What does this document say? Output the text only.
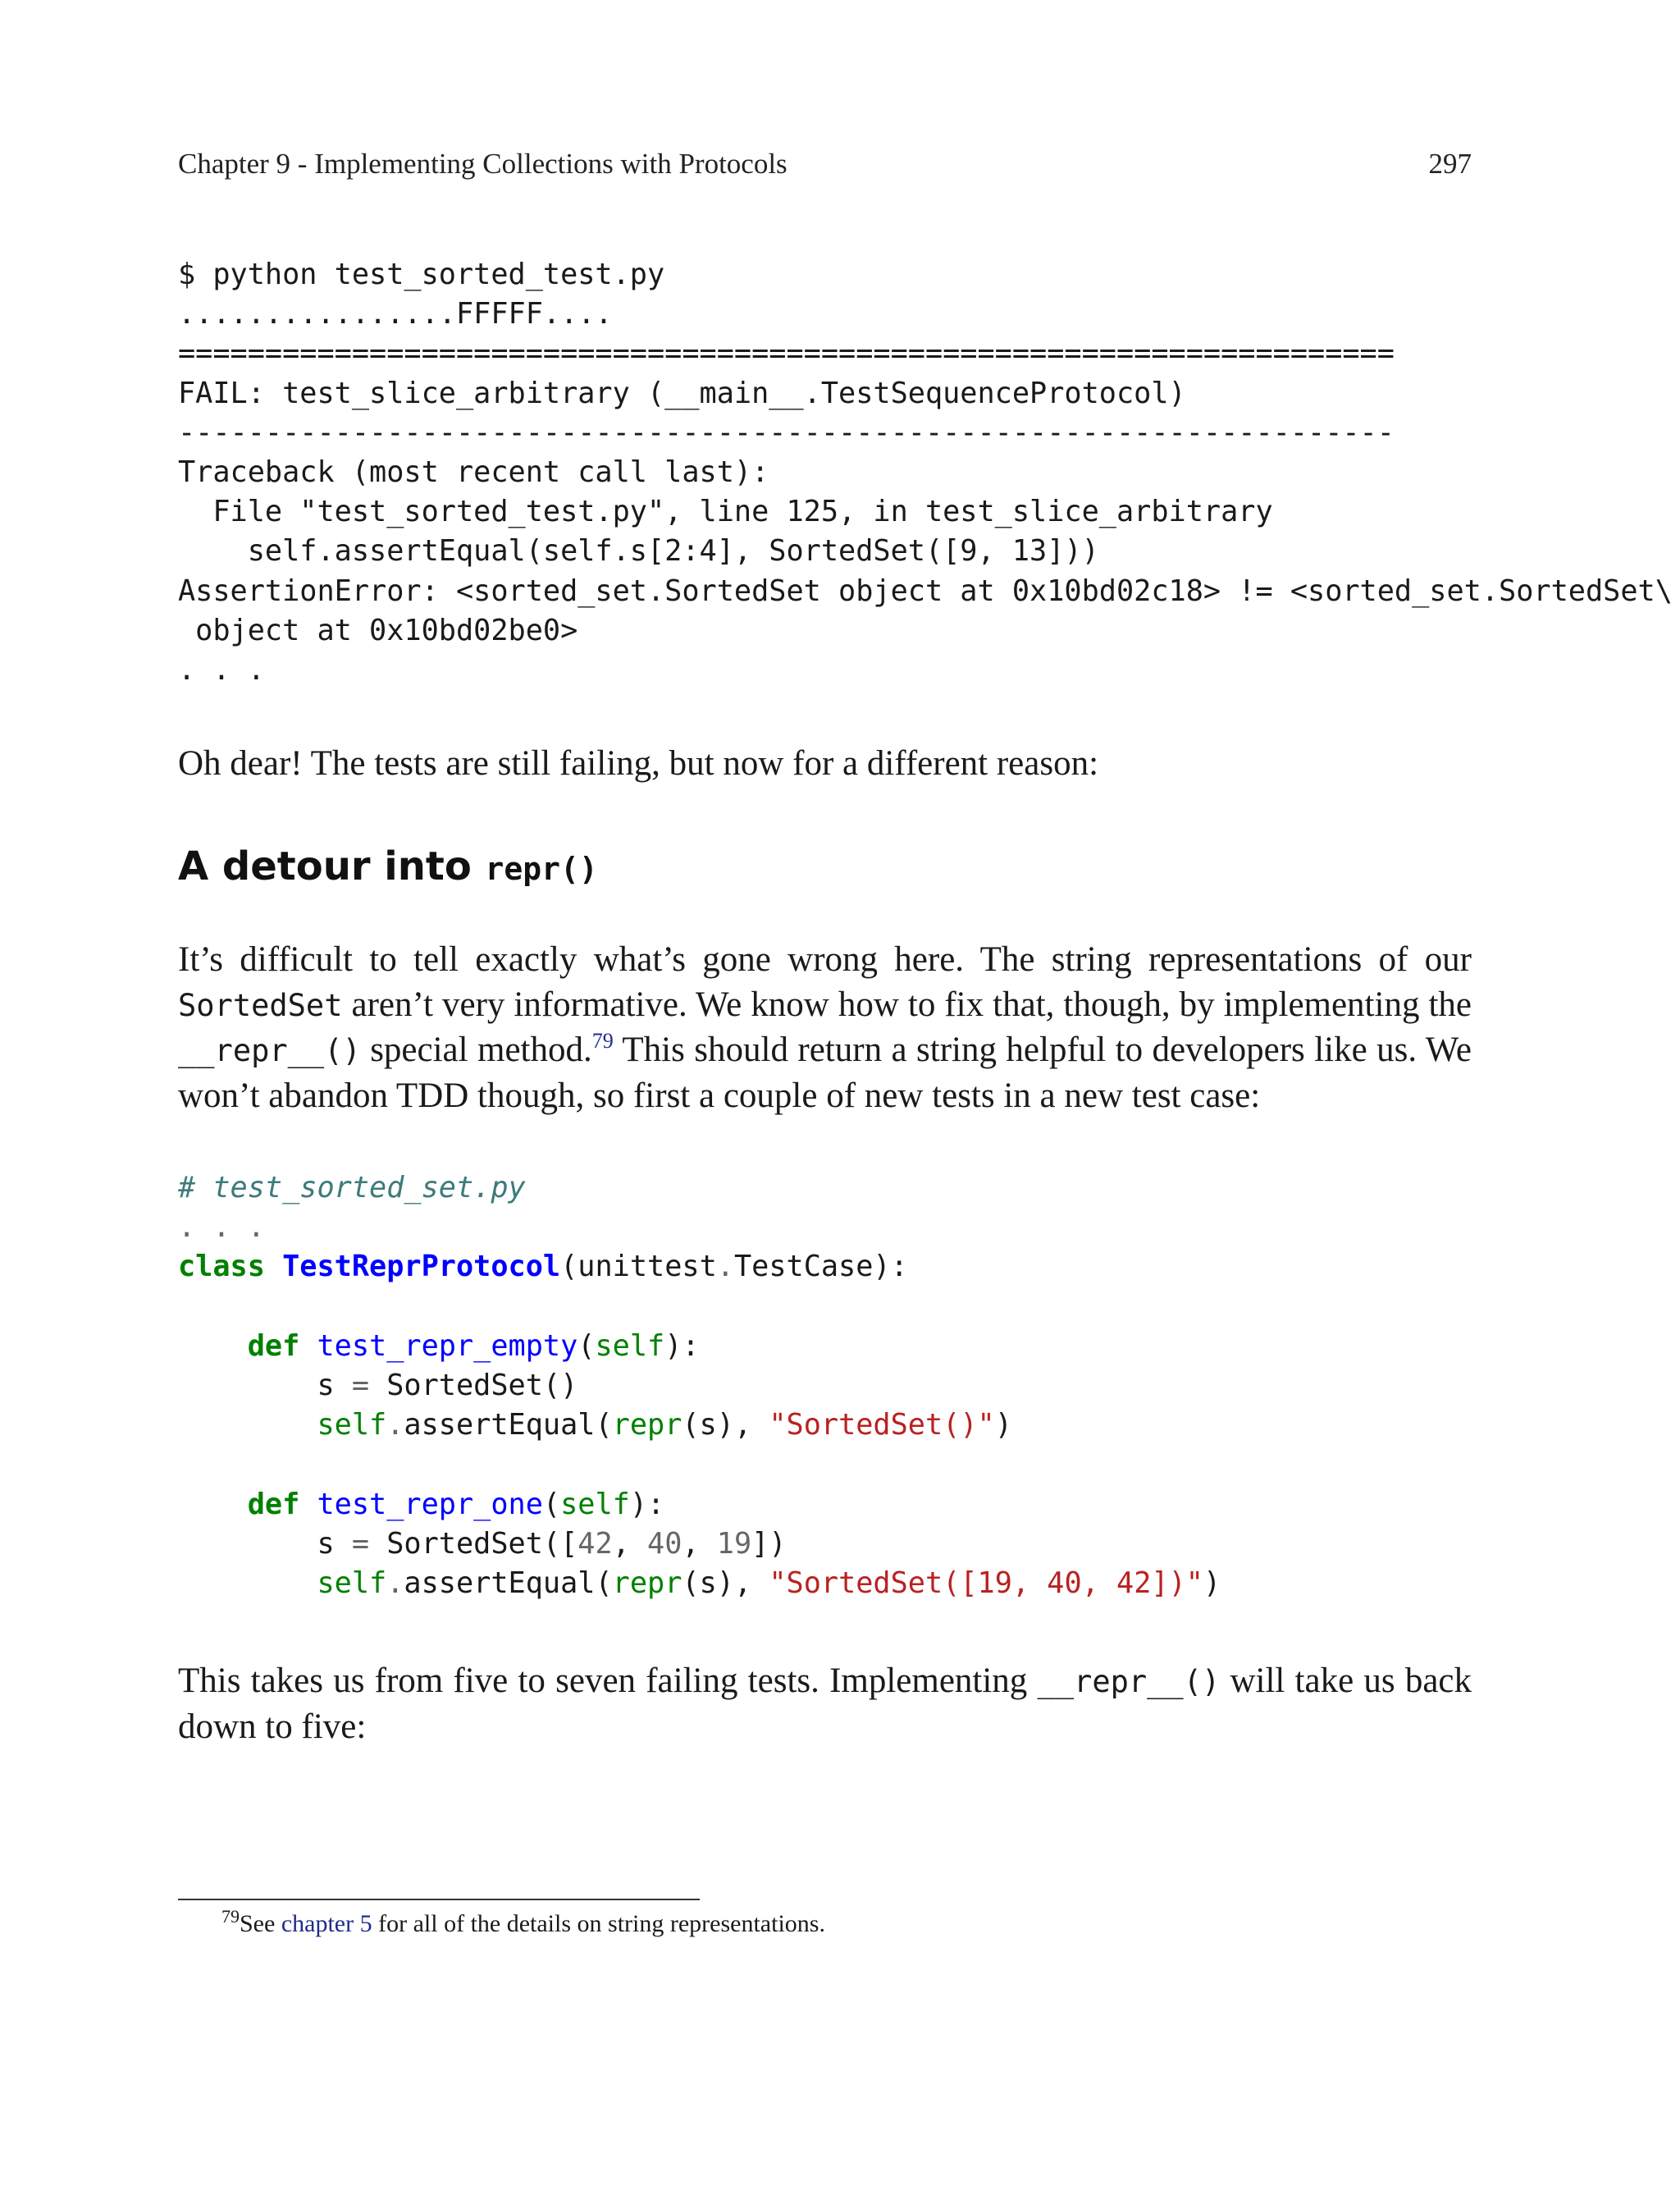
Chapter 9 - Implementing Collections with Protocols	297
$ python test_sorted_test.py
................FFFFF....
======================================================================
FAIL: test_slice_arbitrary (__main__.TestSequenceProtocol)
----------------------------------------------------------------------
Traceback (most recent call last):
File "test_sorted_test.py", line 125, in test_slice_arbitrary
self.assertEqual(self.s[2:4], SortedSet([9, 13]))
AssertionError: <sorted_set.SortedSet object at 0x10bd02c18> != <sorted_set.SortedSet\
object at 0x10bd02be0>
. . .

Oh dear! The tests are still failing, but now for a different reason:

A detour into repr()

It’s difficult to tell exactly what’s gone wrong here. The string representations of our SortedSet aren’t very informative. We know how to fix that, though, by implementing the __repr__() special method.$^{79}$ This should return a string helpful to developers like us. We won’t abandon TDD though, so first a couple of new tests in a new test case:

# test_sorted_set.py
. . .
class TestReprProtocol(unittest.TestCase):
def test_repr_empty(self):
s = SortedSet()
self.assertEqual(repr(s), "SortedSet()")
def test_repr_one(self):
s = SortedSet([42, 40, 19])
self.assertEqual(repr(s), "SortedSet([19, 40, 42])")

This takes us from five to seven failing tests. Implementing __repr__() will take us back down to five:

$^{79}$See chapter 5 for all of the details on string representations.
